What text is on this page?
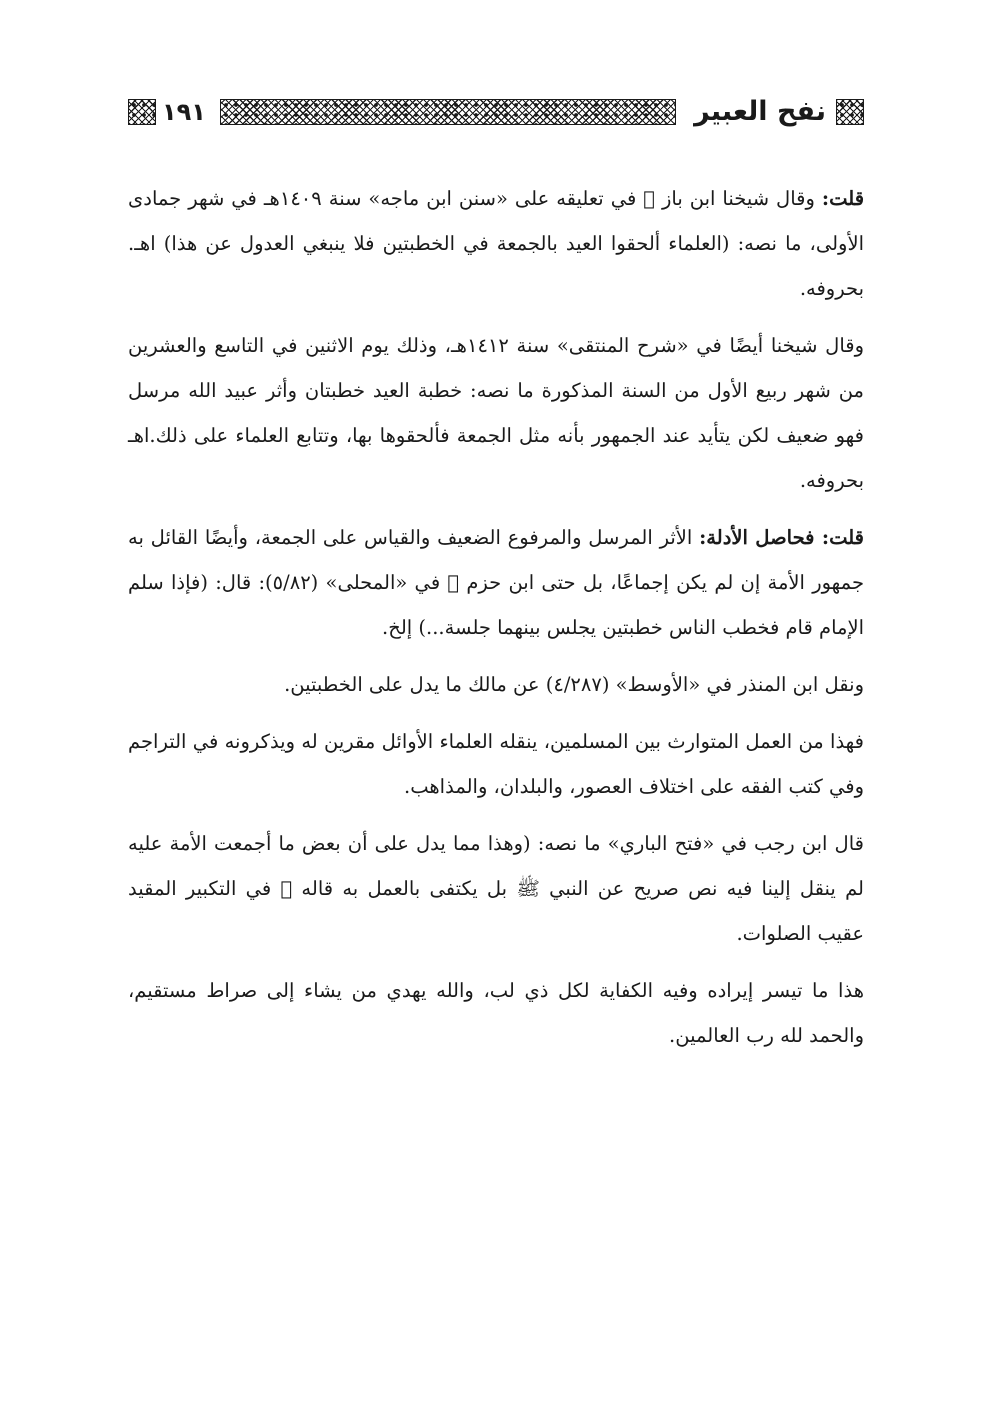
١٩١	نفح العبير

قلت: وقال شيخنا ابن باز ﷬ في تعليقه على «سنن ابن ماجه» سنة ١٤٠٩هـ في شهر جمادى الأولى، ما نصه: (العلماء ألحقوا العيد بالجمعة في الخطبتين فلا ينبغي العدول عن هذا) اهـ. بحروفه.

وقال شيخنا أيضًا في «شرح المنتقى» سنة ١٤١٢هـ، وذلك يوم الاثنين في التاسع والعشرين من شهر ربيع الأول من السنة المذكورة ما نصه: خطبة العيد خطبتان وأثر عبيد الله مرسل فهو ضعيف لكن يتأيد عند الجمهور بأنه مثل الجمعة فألحقوها بها، وتتابع العلماء على ذلك.اهـ بحروفه.

قلت: فحاصل الأدلة: الأثر المرسل والمرفوع الضعيف والقياس على الجمعة، وأيضًا القائل به جمهور الأمة إن لم يكن إجماعًا، بل حتى ابن حزم ﷬ في «المحلى» (٥/٨٢): قال: (فإذا سلم الإمام قام فخطب الناس خطبتين يجلس بينهما جلسة...) إلخ.

ونقل ابن المنذر في «الأوسط» (٤/٢٨٧) عن مالك ما يدل على الخطبتين.

فهذا من العمل المتوارث بين المسلمين، ينقله العلماء الأوائل مقرين له ويذكرونه في التراجم وفي كتب الفقه على اختلاف العصور، والبلدان، والمذاهب.

قال ابن رجب في «فتح الباري» ما نصه: (وهذا مما يدل على أن بعض ما أجمعت الأمة عليه لم ينقل إلينا فيه نص صريح عن النبي ﷺ بل يكتفى بالعمل به قاله ﷬ في التكبير المقيد عقيب الصلوات.

هذا ما تيسر إيراده وفيه الكفاية لكل ذي لب، والله يهدي من يشاء إلى صراط مستقيم، والحمد لله رب العالمين.
